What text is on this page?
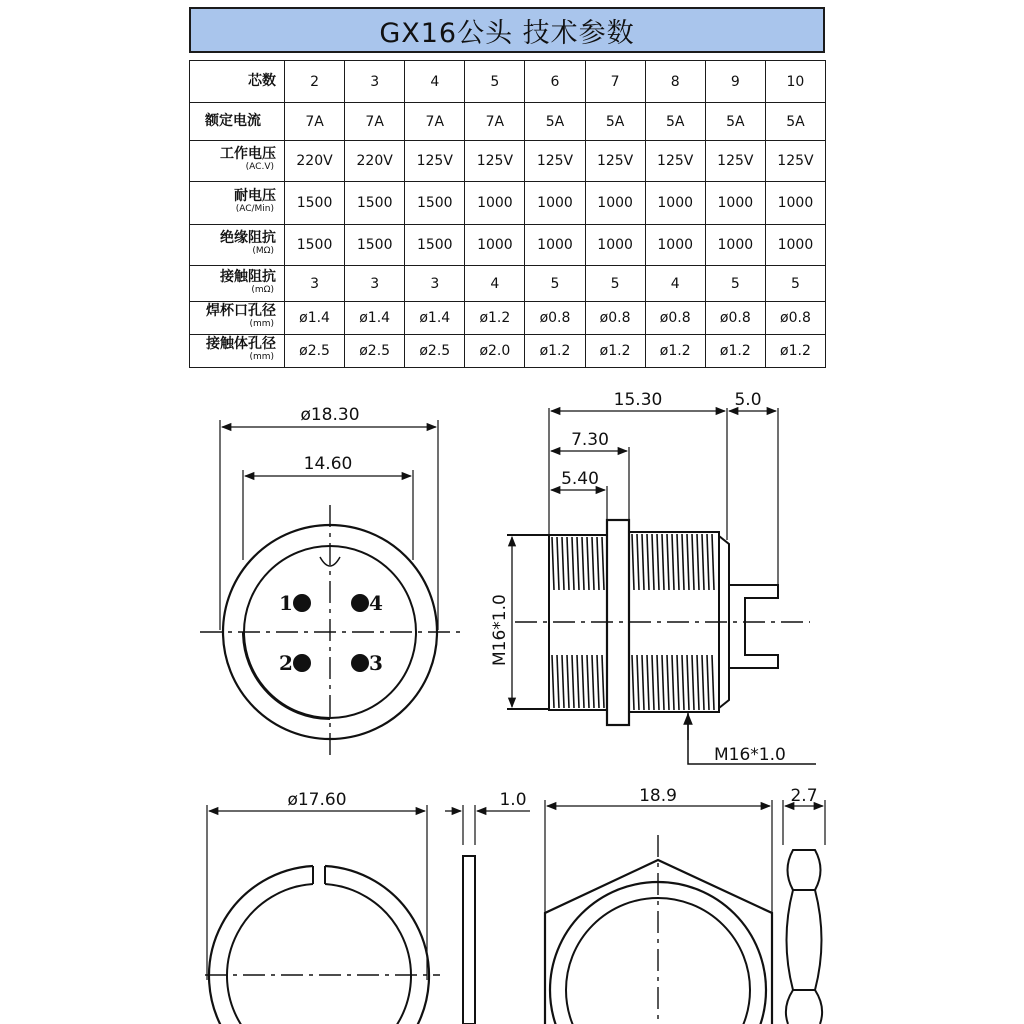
GX16公头 技术参数
芯数	2	3	4	5	6	7	8	9	10

额定电流	7A	7A	7A	7A	5A	5A	5A	5A	5A
工作电压
(AC.V)	220V	220V	125V	125V	125V	125V	125V	125V	125V
耐电压
(AC/Min)	1500	1500	1500	1000	1000	1000	1000	1000	1000
绝缘阻抗
(MΩ)	1500	1500	1500	1000	1000	1000	1000	1000	1000
接触阻抗
(mΩ)	3	3	3	4	5	5	4	5	5
焊杯口孔径
(mm)	ø1.4	ø1.4	ø1.4	ø1.2	ø0.8	ø0.8	ø0.8	ø0.8	ø0.8
接触体孔径
(mm)	ø2.5	ø2.5	ø2.5	ø2.0	ø1.2	ø1.2	ø1.2	ø1.2	ø1.2
ø18.30
14.60
1	4
2	3
15.30	5.0
7.30
5.40
M16*1.0
M16*1.0
ø17.60	1.0	18.9	2.7
